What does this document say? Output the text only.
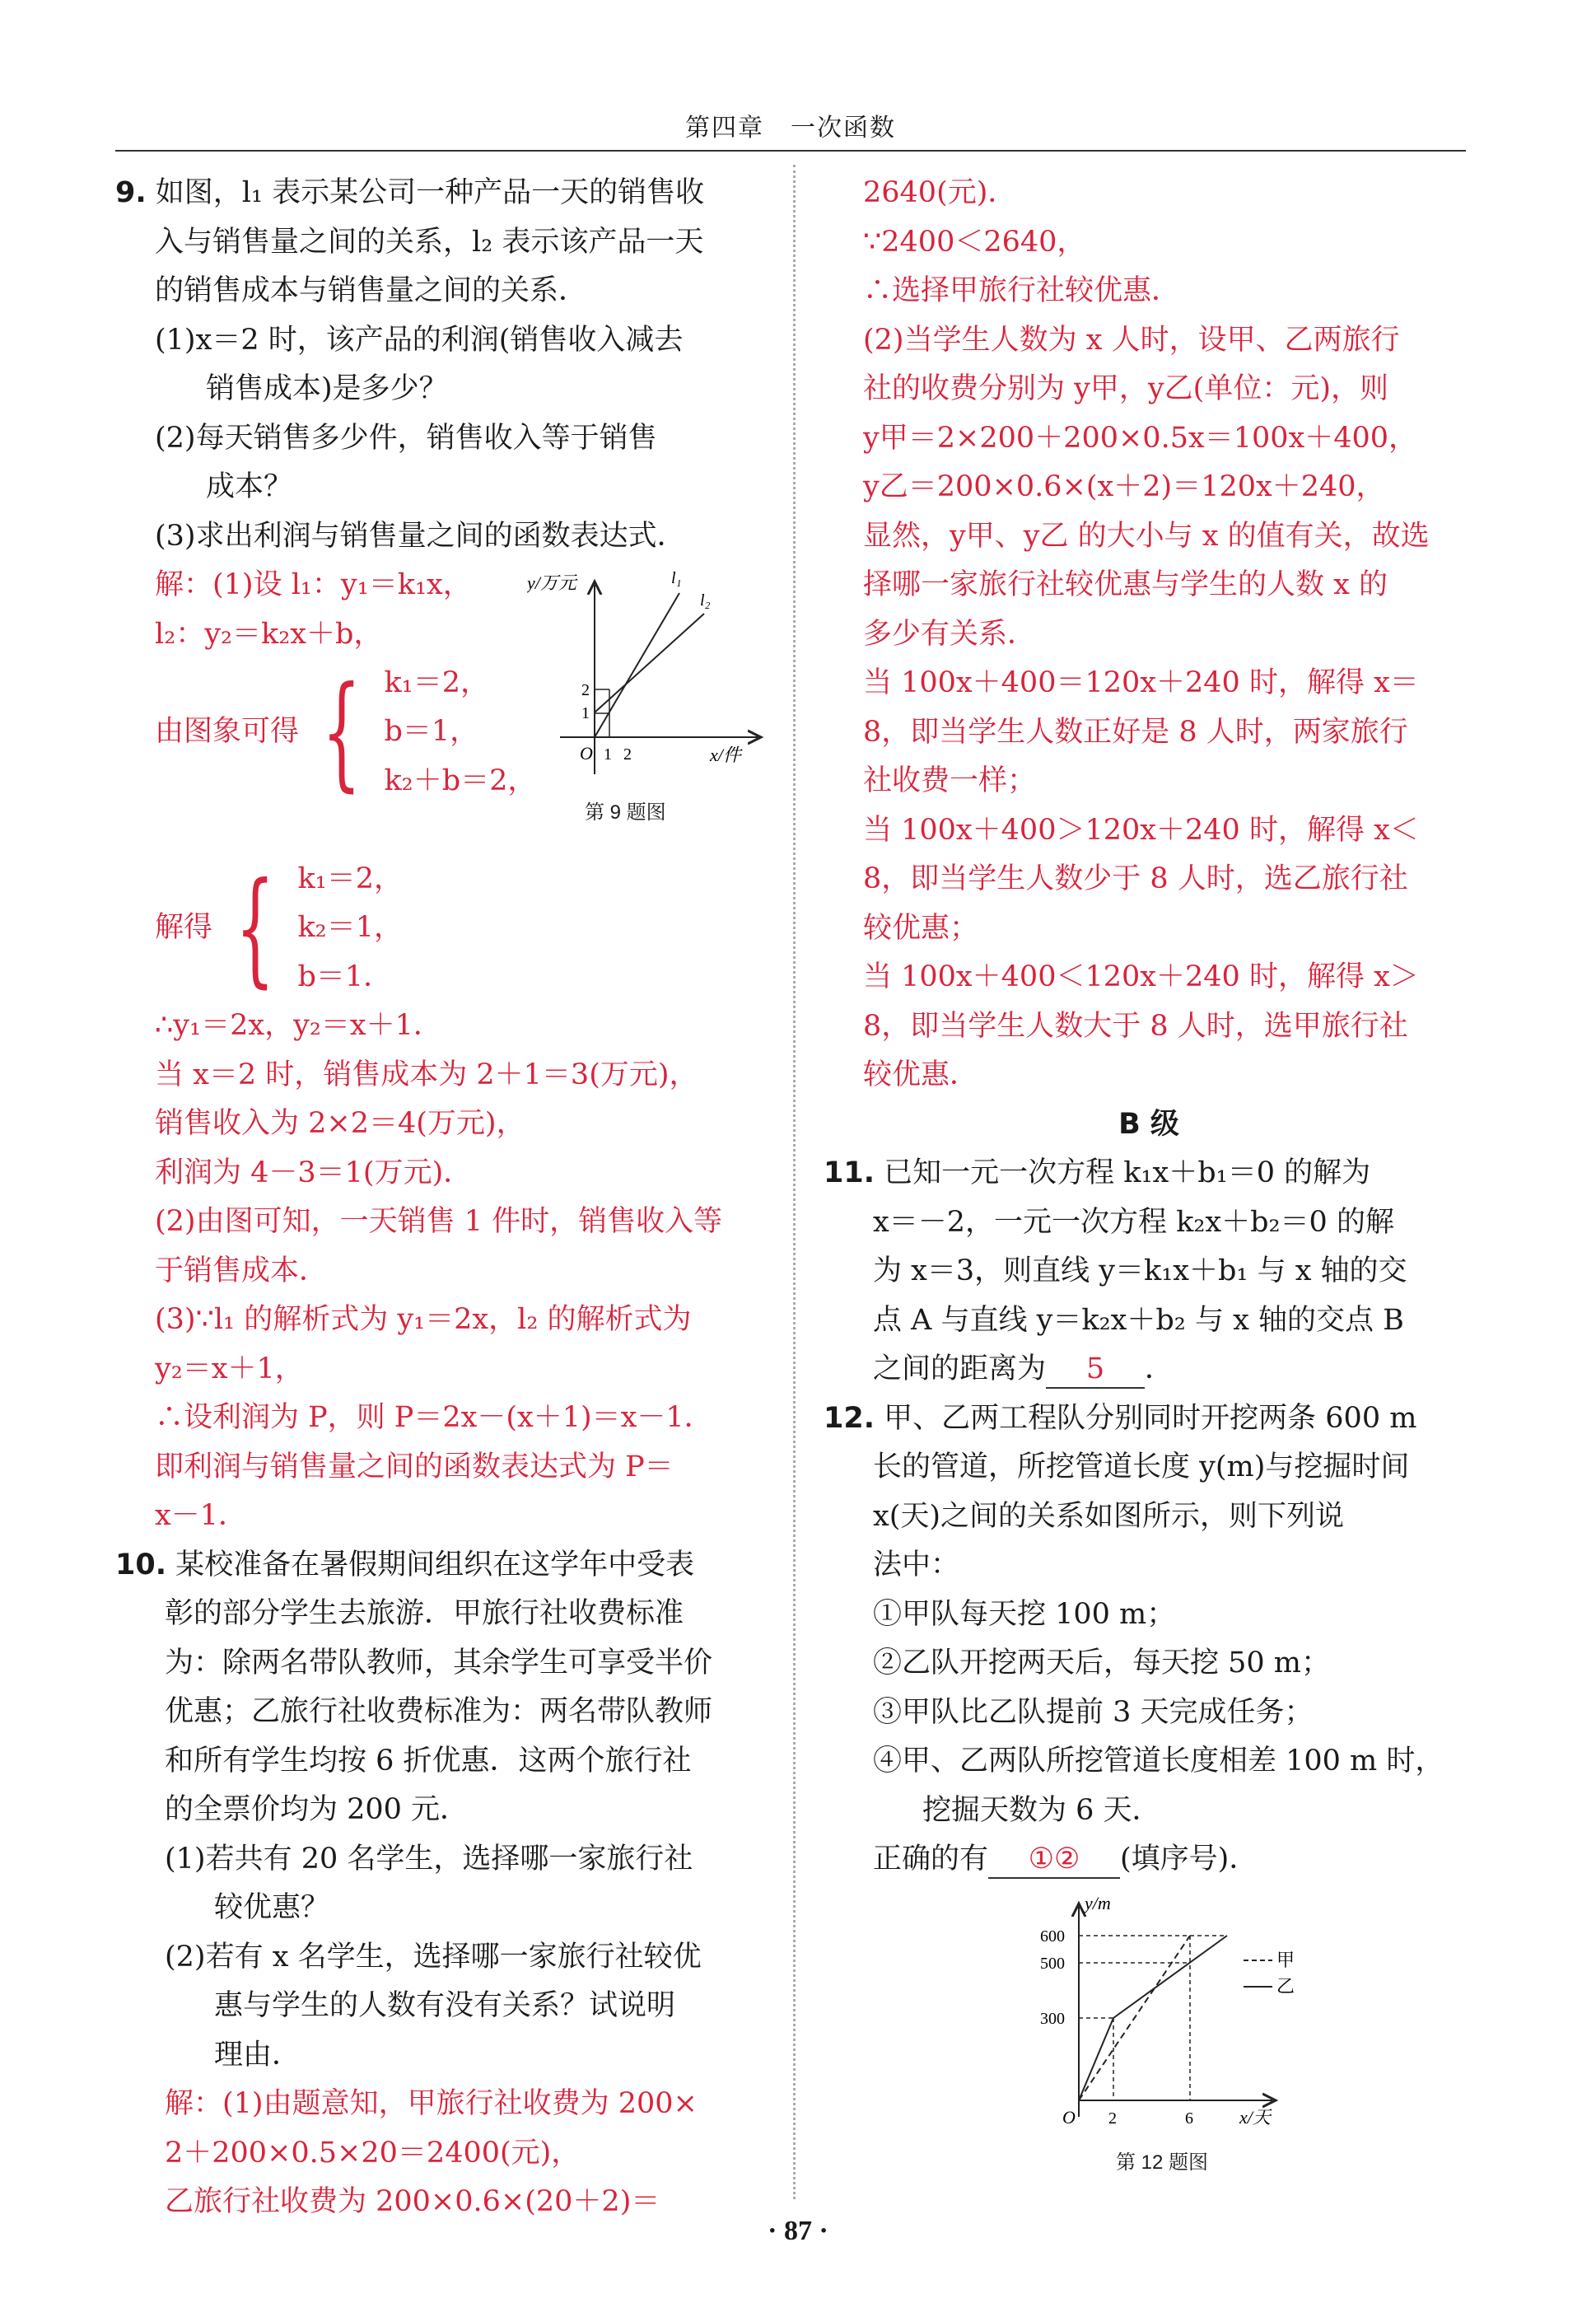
第四章　一次函数
9. 如图，l₁ 表示某公司一种产品一天的销售收
入与销售量之间的关系，l₂ 表示该产品一天
的销售成本与销售量之间的关系．
(1)x＝2 时，该产品的利润(销售收入减去
销售成本)是多少？
(2)每天销售多少件，销售收入等于销售
成本？
(3)求出利润与销售量之间的函数表达式．
解：(1)设 l₁：y₁＝k₁x，
l₂：y₂＝k₂x＋b，
由图象可得 { k₁＝2，
b＝1，
k₂＋b＝2，
解得 { k₁＝2，
k₂＝1，
b＝1．
∴y₁＝2x，y₂＝x＋1．
当 x＝2 时，销售成本为 2＋1＝3(万元)，
销售收入为 2×2＝4(万元)，
利润为 4－3＝1(万元)．
(2)由图可知，一天销售 1 件时，销售收入等
于销售成本．
(3)∵l₁ 的解析式为 y₁＝2x，l₂ 的解析式为
y₂＝x＋1，
∴设利润为 P，则 P＝2x－(x＋1)＝x－1．
即利润与销售量之间的函数表达式为 P＝
x－1．
10. 某校准备在暑假期间组织在这学年中受表
彰的部分学生去旅游．甲旅行社收费标准
为：除两名带队教师，其余学生可享受半价
优惠；乙旅行社收费标准为：两名带队教师
和所有学生均按 6 折优惠．这两个旅行社
的全票价均为 200 元．
(1)若共有 20 名学生，选择哪一家旅行社
较优惠？
(2)若有 x 名学生，选择哪一家旅行社较优
惠与学生的人数有没有关系？试说明
理由．
解：(1)由题意知，甲旅行社收费为 200×
2＋200×0.5×20＝2400(元)，
乙旅行社收费为 200×0.6×(20＋2)＝
y/万元
x/件
O 1 2
1
2
l₁
l₂
第 9 题图
2640(元)．
∵2400＜2640，
∴选择甲旅行社较优惠．
(2)当学生人数为 x 人时，设甲、乙两旅行
社的收费分别为 y甲，y乙(单位：元)，则
y甲＝2×200＋200×0.5x＝100x＋400，
y乙＝200×0.6×(x＋2)＝120x＋240，
显然，y甲、y乙 的大小与 x 的值有关，故选
择哪一家旅行社较优惠与学生的人数 x 的
多少有关系．
当 100x＋400＝120x＋240 时，解得 x＝
8，即当学生人数正好是 8 人时，两家旅行
社收费一样；
当 100x＋400＞120x＋240 时，解得 x＜
8，即当学生人数少于 8 人时，选乙旅行社
较优惠；
当 100x＋400＜120x＋240 时，解得 x＞
8，即当学生人数大于 8 人时，选甲旅行社
较优惠．
B 级
11. 已知一元一次方程 k₁x＋b₁＝0 的解为
x＝－2，一元一次方程 k₂x＋b₂＝0 的解
为 x＝3，则直线 y＝k₁x＋b₁ 与 x 轴的交
点 A 与直线 y＝k₂x＋b₂ 与 x 轴的交点 B
之间的距离为 5 ．
12. 甲、乙两工程队分别同时开挖两条 600 m
长的管道，所挖管道长度 y(m)与挖掘时间
x(天)之间的关系如图所示，则下列说
法中：
①甲队每天挖 100 m；
②乙队开挖两天后，每天挖 50 m；
③甲队比乙队提前 3 天完成任务；
④甲、乙两队所挖管道长度相差 100 m 时，
挖掘天数为 6 天．
正确的有 ①② (填序号)．
y/m
x/天
O
600
500
300
2	6
甲
乙
第 12 题图
· 87 ·
